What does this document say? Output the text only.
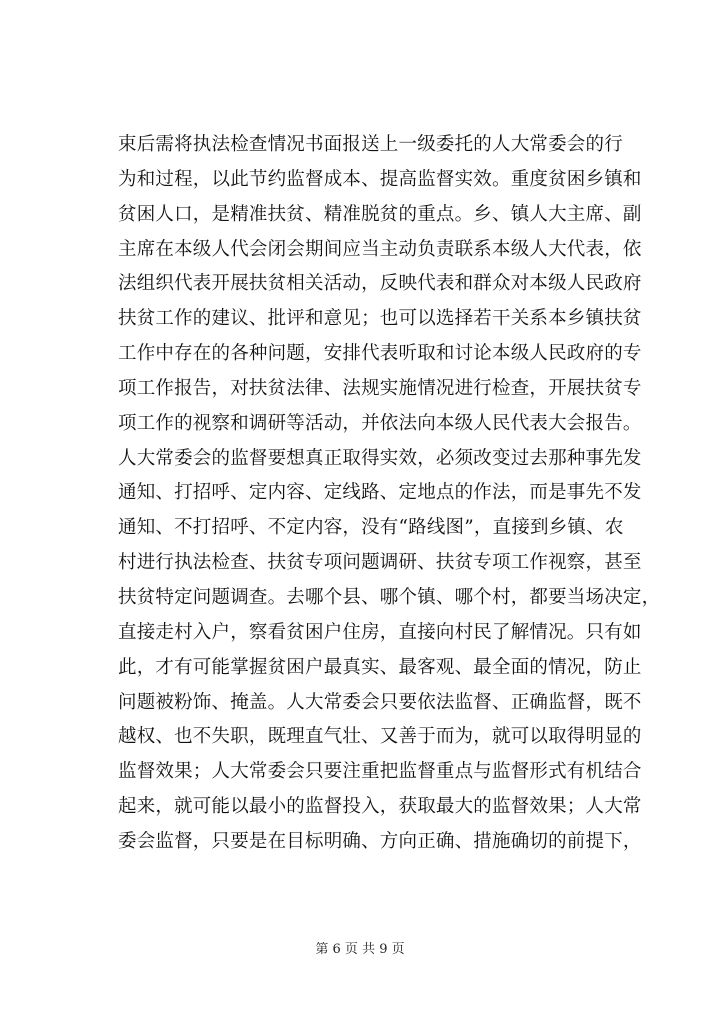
束后需将执法检查情况书面报送上一级委托的人大常委会的行
为和过程，以此节约监督成本、提高监督实效。重度贫困乡镇和
贫困人口，是精准扶贫、精准脱贫的重点。乡、镇人大主席、副
主席在本级人代会闭会期间应当主动负责联系本级人大代表，依
法组织代表开展扶贫相关活动，反映代表和群众对本级人民政府
扶贫工作的建议、批评和意见；也可以选择若干关系本乡镇扶贫
工作中存在的各种问题，安排代表听取和讨论本级人民政府的专
项工作报告，对扶贫法律、法规实施情况进行检查，开展扶贫专
项工作的视察和调研等活动，并依法向本级人民代表大会报告。
人大常委会的监督要想真正取得实效，必须改变过去那种事先发
通知、打招呼、定内容、定线路、定地点的作法，而是事先不发
通知、不打招呼、不定内容，没有“路线图”，直接到乡镇、农
村进行执法检查、扶贫专项问题调研、扶贫专项工作视察，甚至
扶贫特定问题调查。去哪个县、哪个镇、哪个村，都要当场决定，
直接走村入户，察看贫困户住房，直接向村民了解情况。只有如
此，才有可能掌握贫困户最真实、最客观、最全面的情况，防止
问题被粉饰、掩盖。人大常委会只要依法监督、正确监督，既不
越权、也不失职，既理直气壮、又善于而为，就可以取得明显的
监督效果；人大常委会只要注重把监督重点与监督形式有机结合
起来，就可能以最小的监督投入，获取最大的监督效果；人大常
委会监督，只要是在目标明确、方向正确、措施确切的前提下，
第 6 页 共 9 页
